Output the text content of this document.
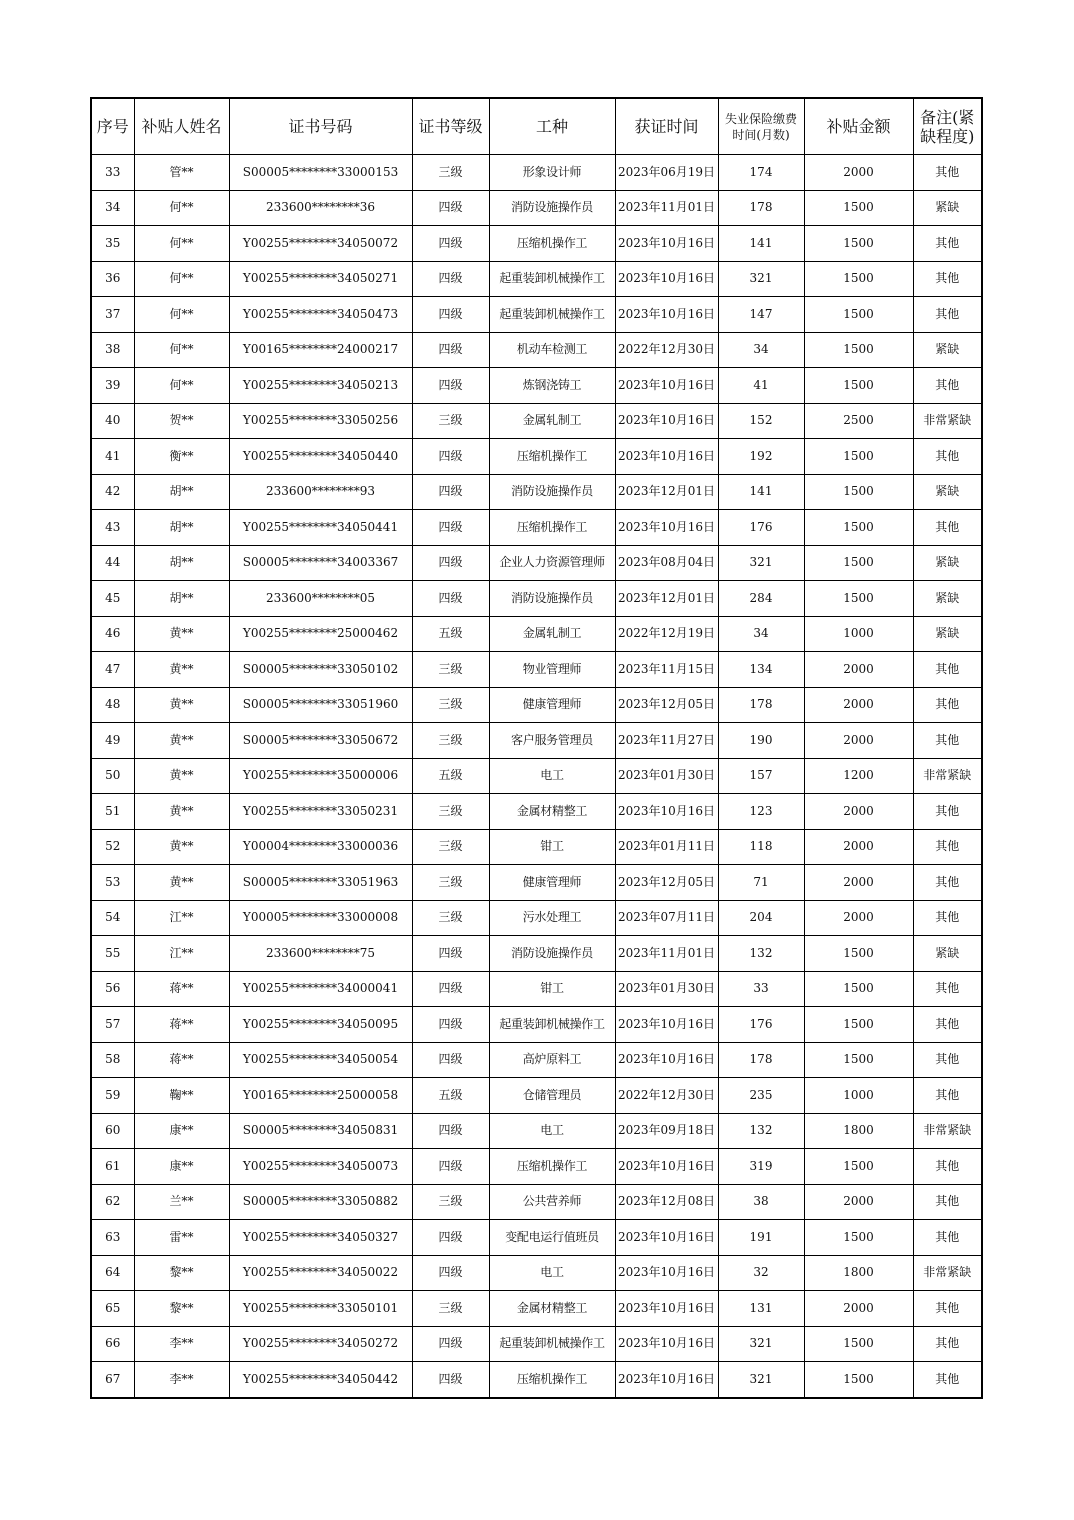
序号	补贴人姓名	证书号码	证书等级	工种	获证时间	失业保险缴费时间(月数)	补贴金额	备注(紧缺程度)
33	管**	S00005********33000153	三级	形象设计师	2023年06月19日	174	2000	其他
34	何**	233600********36	四级	消防设施操作员	2023年11月01日	178	1500	紧缺
35	何**	Y00255********34050072	四级	压缩机操作工	2023年10月16日	141	1500	其他
36	何**	Y00255********34050271	四级	起重装卸机械操作工	2023年10月16日	321	1500	其他
37	何**	Y00255********34050473	四级	起重装卸机械操作工	2023年10月16日	147	1500	其他
38	何**	Y00165********24000217	四级	机动车检测工	2022年12月30日	34	1500	紧缺
39	何**	Y00255********34050213	四级	炼钢浇铸工	2023年10月16日	41	1500	其他
40	贺**	Y00255********33050256	三级	金属轧制工	2023年10月16日	152	2500	非常紧缺
41	衡**	Y00255********34050440	四级	压缩机操作工	2023年10月16日	192	1500	其他
42	胡**	233600********93	四级	消防设施操作员	2023年12月01日	141	1500	紧缺
43	胡**	Y00255********34050441	四级	压缩机操作工	2023年10月16日	176	1500	其他
44	胡**	S00005********34003367	四级	企业人力资源管理师	2023年08月04日	321	1500	紧缺
45	胡**	233600********05	四级	消防设施操作员	2023年12月01日	284	1500	紧缺
46	黄**	Y00255********25000462	五级	金属轧制工	2022年12月19日	34	1000	紧缺
47	黄**	S00005********33050102	三级	物业管理师	2023年11月15日	134	2000	其他
48	黄**	S00005********33051960	三级	健康管理师	2023年12月05日	178	2000	其他
49	黄**	S00005********33050672	三级	客户服务管理员	2023年11月27日	190	2000	其他
50	黄**	Y00255********35000006	五级	电工	2023年01月30日	157	1200	非常紧缺
51	黄**	Y00255********33050231	三级	金属材精整工	2023年10月16日	123	2000	其他
52	黄**	Y00004********33000036	三级	钳工	2023年01月11日	118	2000	其他
53	黄**	S00005********33051963	三级	健康管理师	2023年12月05日	71	2000	其他
54	江**	Y00005********33000008	三级	污水处理工	2023年07月11日	204	2000	其他
55	江**	233600********75	四级	消防设施操作员	2023年11月01日	132	1500	紧缺
56	蒋**	Y00255********34000041	四级	钳工	2023年01月30日	33	1500	其他
57	蒋**	Y00255********34050095	四级	起重装卸机械操作工	2023年10月16日	176	1500	其他
58	蒋**	Y00255********34050054	四级	高炉原料工	2023年10月16日	178	1500	其他
59	鞠**	Y00165********25000058	五级	仓储管理员	2022年12月30日	235	1000	其他
60	康**	S00005********34050831	四级	电工	2023年09月18日	132	1800	非常紧缺
61	康**	Y00255********34050073	四级	压缩机操作工	2023年10月16日	319	1500	其他
62	兰**	S00005********33050882	三级	公共营养师	2023年12月08日	38	2000	其他
63	雷**	Y00255********34050327	四级	变配电运行值班员	2023年10月16日	191	1500	其他
64	黎**	Y00255********34050022	四级	电工	2023年10月16日	32	1800	非常紧缺
65	黎**	Y00255********33050101	三级	金属材精整工	2023年10月16日	131	2000	其他
66	李**	Y00255********34050272	四级	起重装卸机械操作工	2023年10月16日	321	1500	其他
67	李**	Y00255********34050442	四级	压缩机操作工	2023年10月16日	321	1500	其他
